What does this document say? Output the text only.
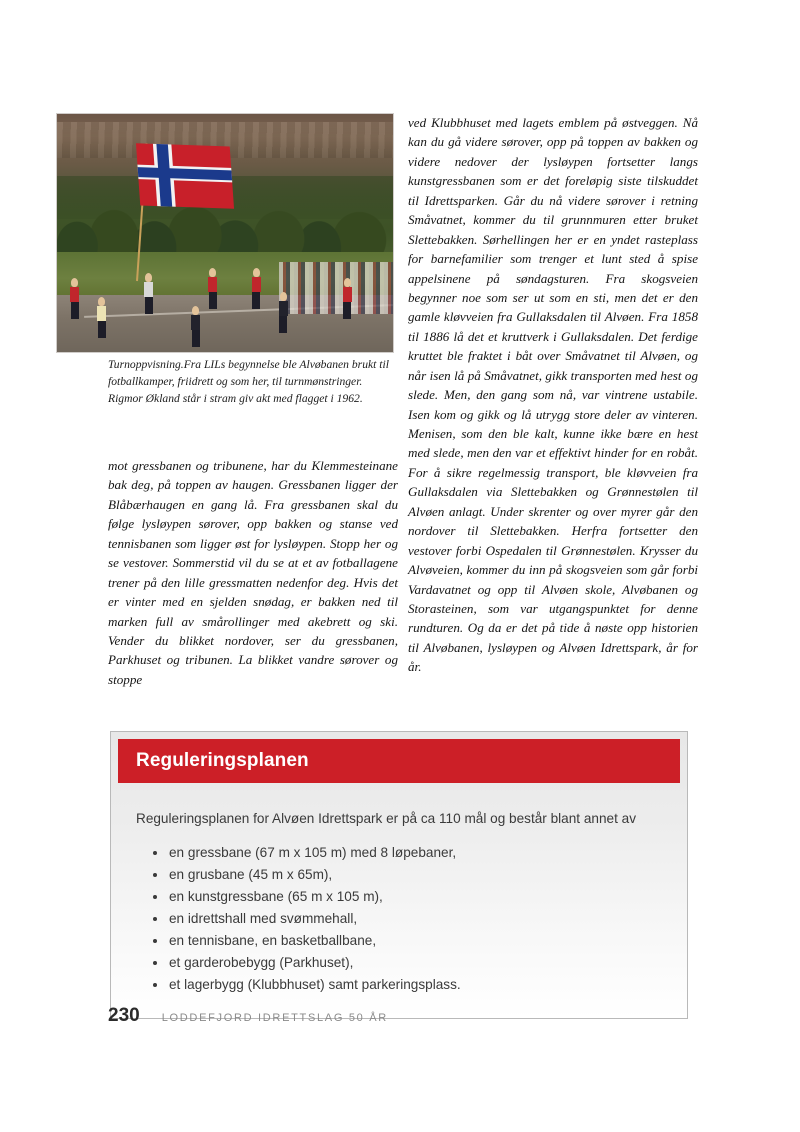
Turnoppvisning.Fra LILs begynnelse ble Alvøbanen brukt til fotballkamper, friidrett og som her, til turnmønstringer. Rigmor Økland står i stram giv akt med flagget i 1962.

mot gressbanen og tribunene, har du Klemmesteinane bak deg, på toppen av haugen. Gressbanen ligger der Blåbærhaugen en gang lå. Fra gressbanen skal du følge lysløypen sørover, opp bakken og stanse ved tennisbanen som ligger øst for lysløypen. Stopp her og se vestover. Sommerstid vil du se at et av fotballagene trener på den lille gressmatten nedenfor deg. Hvis det er vinter med en sjelden snødag, er bakken ned til marken full av smårollinger med akebrett og ski. Vender du blikket nordover, ser du gressbanen, Parkhuset og tribunen. La blikket vandre sørover og stoppe

ved Klubbhuset med lagets emblem på østveggen. Nå kan du gå videre sørover, opp på toppen av bakken og videre nedover der lysløypen fortsetter langs kunstgressbanen som er det foreløpig siste tilskuddet til Idrettsparken. Går du nå videre sørover i retning Småvatnet, kommer du til grunnmuren etter bruket Slettebakken. Sørhellingen her er en yndet rasteplass for barnefamilier som trenger et lunt sted å spise appelsinene på søndagsturen. Fra skogsveien begynner noe som ser ut som en sti, men det er den gamle kløvveien fra Gullaksdalen til Alvøen. Fra 1858 til 1886 lå det et kruttverk i Gullaksdalen. Det ferdige kruttet ble fraktet i båt over Småvatnet til Alvøen, og når isen lå på Småvatnet, gikk transporten med hest og slede. Men, den gang som nå, var vintrene ustabile. Isen kom og gikk og lå utrygg store deler av vinteren. Menisen, som den ble kalt, kunne ikke bære en hest med slede, men den var et effektivt hinder for en robåt. For å sikre regelmessig transport, ble kløvveien fra Gullaksdalen via Slettebakken og Grønnestølen til Alvøen anlagt. Under skrenter og over myrer går den nordover til Slettebakken. Herfra fortsetter den vestover forbi Ospedalen til Grønnestølen. Krysser du Alvøveien, kommer du inn på skogsveien som går forbi Vardavatnet og opp til Alvøen skole, Alvøbanen og Storasteinen, som var utgangspunktet for denne rundturen. Og da er det på tide å nøste opp historien til Alvøbanen, lysløypen og Alvøen Idrettspark, år for år.

Reguleringsplanen

Reguleringsplanen for Alvøen Idrettspark er på ca 110 mål og består blant annet av

en gressbane (67 m x 105 m) med 8 løpebaner,
en grusbane (45 m x 65m),
en kunstgressbane (65 m x 105 m),
en idrettshall med svømmehall,
en tennisbane, en basketballbane,
et garderobebygg (Parkhuset),
et lagerbygg (Klubbhuset) samt parkeringsplass.
230 LODDEFJORD IDRETTSLAG 50 ÅR
